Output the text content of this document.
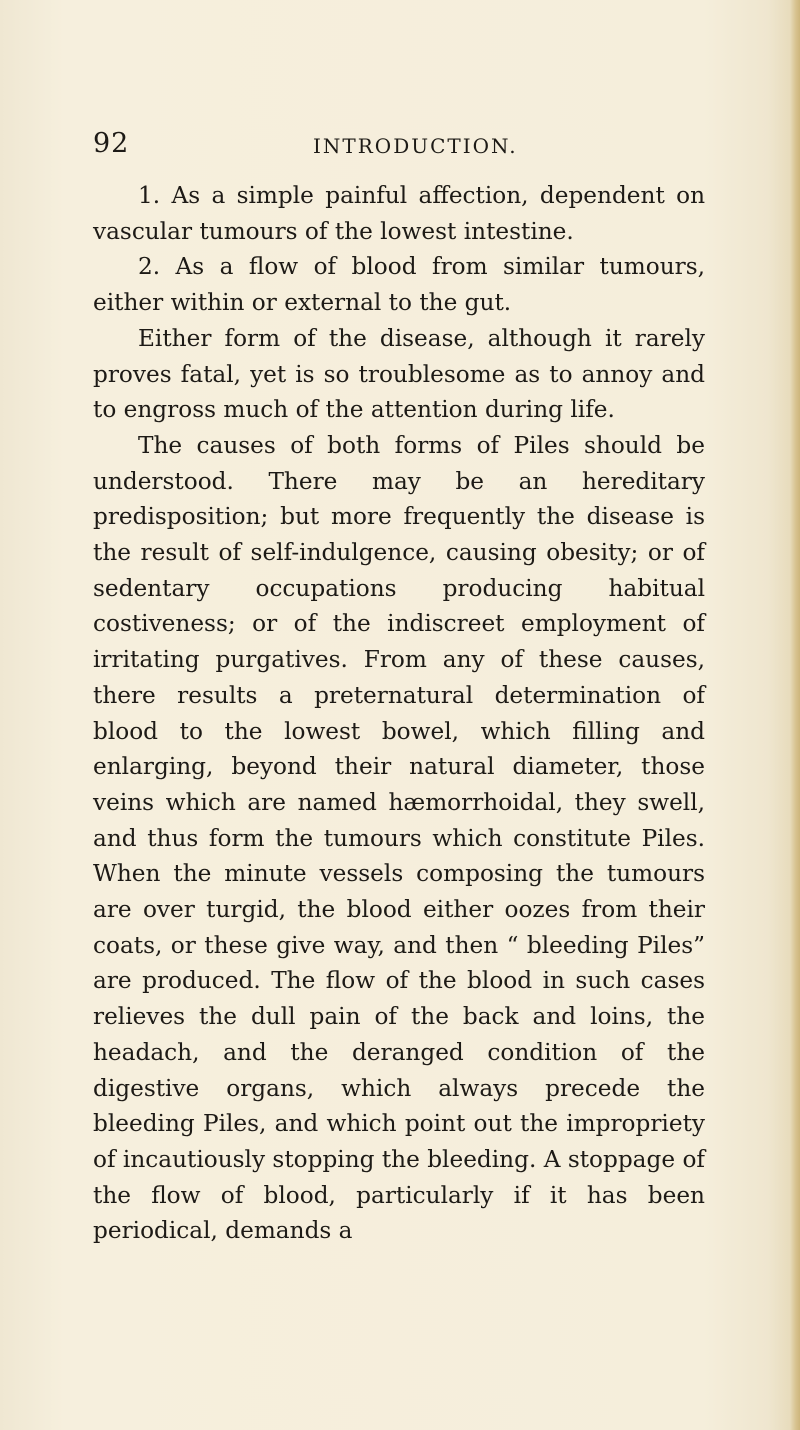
92	INTRODUCTION.

1. As a simple painful affection, dependent on vascular tumours of the lowest intestine.

2. As a flow of blood from similar tumours, either within or external to the gut.

Either form of the disease, although it rarely proves fatal, yet is so troublesome as to annoy and to engross much of the attention during life.

The causes of both forms of Piles should be understood. There may be an hereditary predisposition; but more frequently the disease is the result of self-indulgence, causing obesity; or of sedentary occupations producing habitual costiveness; or of the indiscreet employment of irritating purgatives. From any of these causes, there results a preternatural determination of blood to the lowest bowel, which filling and enlarging, beyond their natural diameter, those veins which are named hæmorrhoidal, they swell, and thus form the tumours which constitute Piles. When the minute vessels composing the tumours are over turgid, the blood either oozes from their coats, or these give way, and then “ bleeding Piles” are produced. The flow of the blood in such cases relieves the dull pain of the back and loins, the headach, and the deranged condition of the digestive organs, which always precede the bleeding Piles, and which point out the impropriety of incautiously stopping the bleeding. A stoppage of the flow of blood, particularly if it has been periodical, demands a
